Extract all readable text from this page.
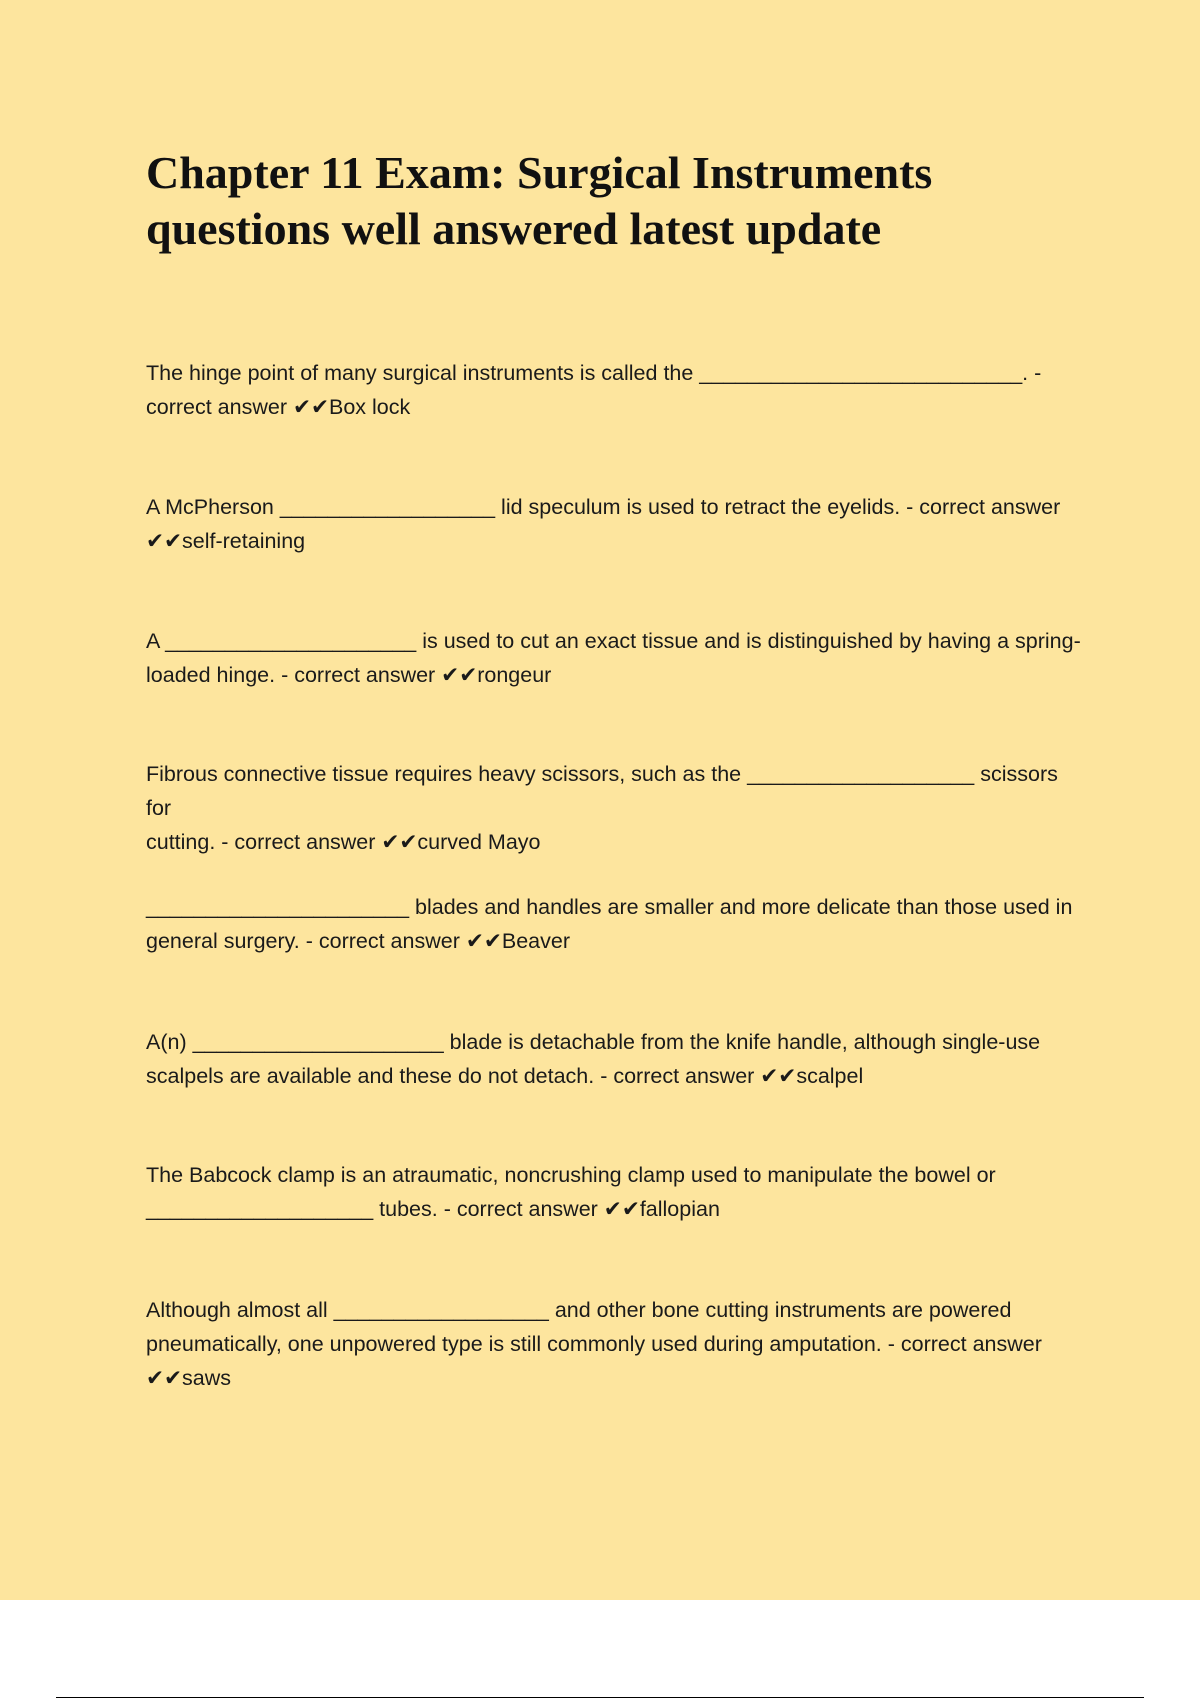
Chapter 11 Exam: Surgical Instruments questions well answered latest update

The hinge point of many surgical instruments is called the ___________________________. -
correct answer ✔✔Box lock

A McPherson __________________ lid speculum is used to retract the eyelids. - correct answer
✔✔self-retaining

A _____________________ is used to cut an exact tissue and is distinguished by having a spring-
loaded hinge. - correct answer ✔✔rongeur

Fibrous connective tissue requires heavy scissors, such as the ___________________ scissors for
cutting. - correct answer ✔✔curved Mayo

______________________ blades and handles are smaller and more delicate than those used in
general surgery. - correct answer ✔✔Beaver

A(n) _____________________ blade is detachable from the knife handle, although single-use
scalpels are available and these do not detach. - correct answer ✔✔scalpel

The Babcock clamp is an atraumatic, noncrushing clamp used to manipulate the bowel or
___________________ tubes. - correct answer ✔✔fallopian

Although almost all __________________ and other bone cutting instruments are powered
pneumatically, one unpowered type is still commonly used during amputation. - correct answer
✔✔saws
